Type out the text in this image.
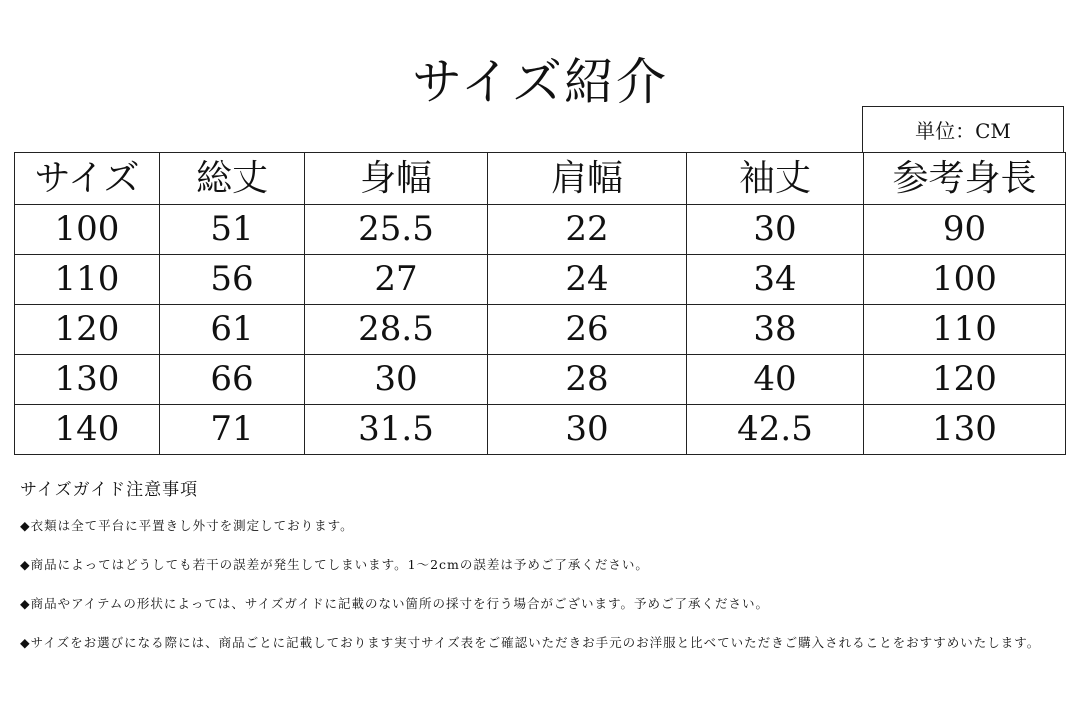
サイズ紹介
単位：CM
サイズ	総丈	身幅	肩幅	袖丈	参考身長
100	51	25.5	22	30	90
110	56	27	24	34	100
120	61	28.5	26	38	110
130	66	30	28	40	120
140	71	31.5	30	42.5	130
サイズガイド注意事項
◆衣類は全て平台に平置きし外寸を測定しております。
◆商品によってはどうしても若干の誤差が発生してしまいます。1～2cmの誤差は予めご了承ください。
◆商品やアイテムの形状によっては、サイズガイドに記載のない箇所の採寸を行う場合がございます。予めご了承ください。
◆サイズをお選びになる際には、商品ごとに記載しております実寸サイズ表をご確認いただきお手元のお洋服と比べていただきご購入されることをおすすめいたします。
